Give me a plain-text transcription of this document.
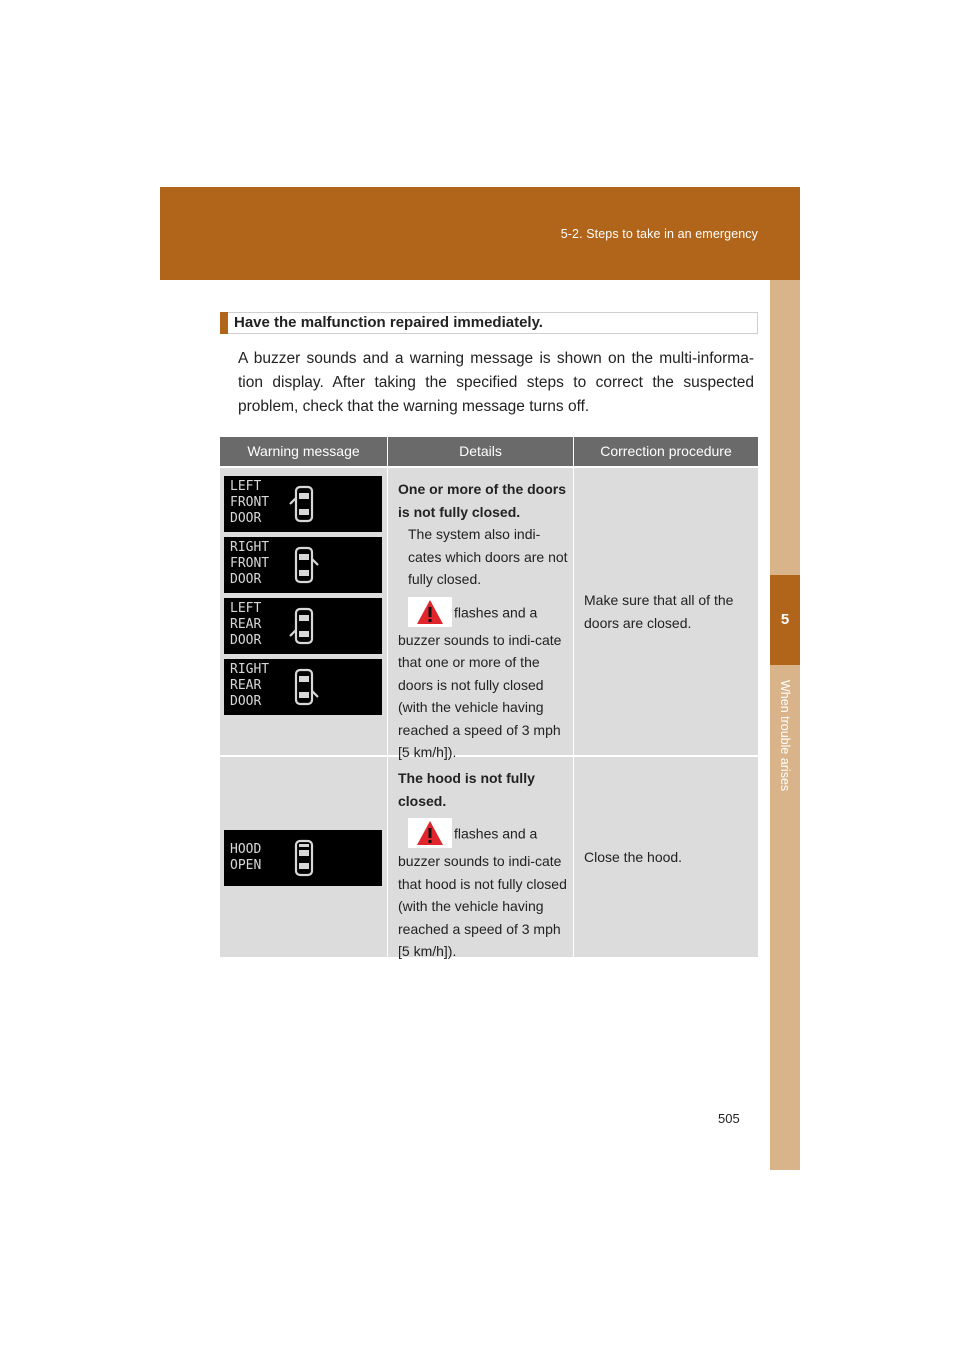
5-2. Steps to take in an emergency
5
When trouble arises
Have the malfunction repaired immediately.
A buzzer sounds and a warning message is shown on the multi-informa-tion display. After taking the specified steps to correct the suspected problem, check that the warning message turns off.
Warning message	Details	Correction procedure
LEFT
FRONT
DOOR
RIGHT
FRONT
DOOR
LEFT
REAR
DOOR
RIGHT
REAR
DOOR
One or more of the doors is not fully closed.
The system also indi-cates which doors are not fully closed.
flashes and a buzzer sounds to indi-cate that one or more of the doors is not fully closed (with the vehicle having reached a speed of 3 mph [5 km/h]).
Make sure that all of the doors are closed.
HOOD
OPEN
The hood is not fully closed.
flashes and a buzzer sounds to indi-cate that hood is not fully closed (with the vehicle having reached a speed of 3 mph [5 km/h]).
Close the hood.
505
